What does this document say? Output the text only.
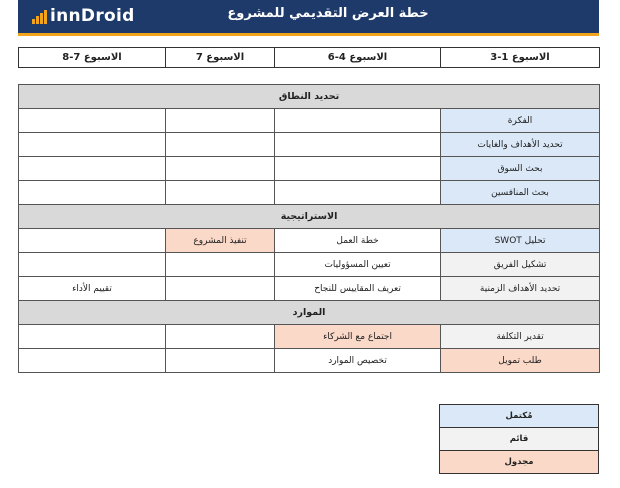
innDroid	خطة العرض التقديمي للمشروع
الاسبوع 1-3	الاسبوع 4-6	الاسبوع 7	الاسبوع 7-8
تحديد النطاق			
الفكرة			
تحديد الأهداف والغايات			
بحث السوق			
بحث المنافسين			
الاستراتيجية			
تحليل SWOT	خطة العمل	تنفيذ المشروع	
تشكيل الفريق	تعيين المسؤوليات		
تحديد الأهداف الزمنية	تعريف المقاييس للنجاح		تقييم الأداء
الموارد			
تقدير التكلفة	اجتماع مع الشركاء		
طلب تمويل	تخصيص الموارد		
مُكتمل
قائم
مجدول
